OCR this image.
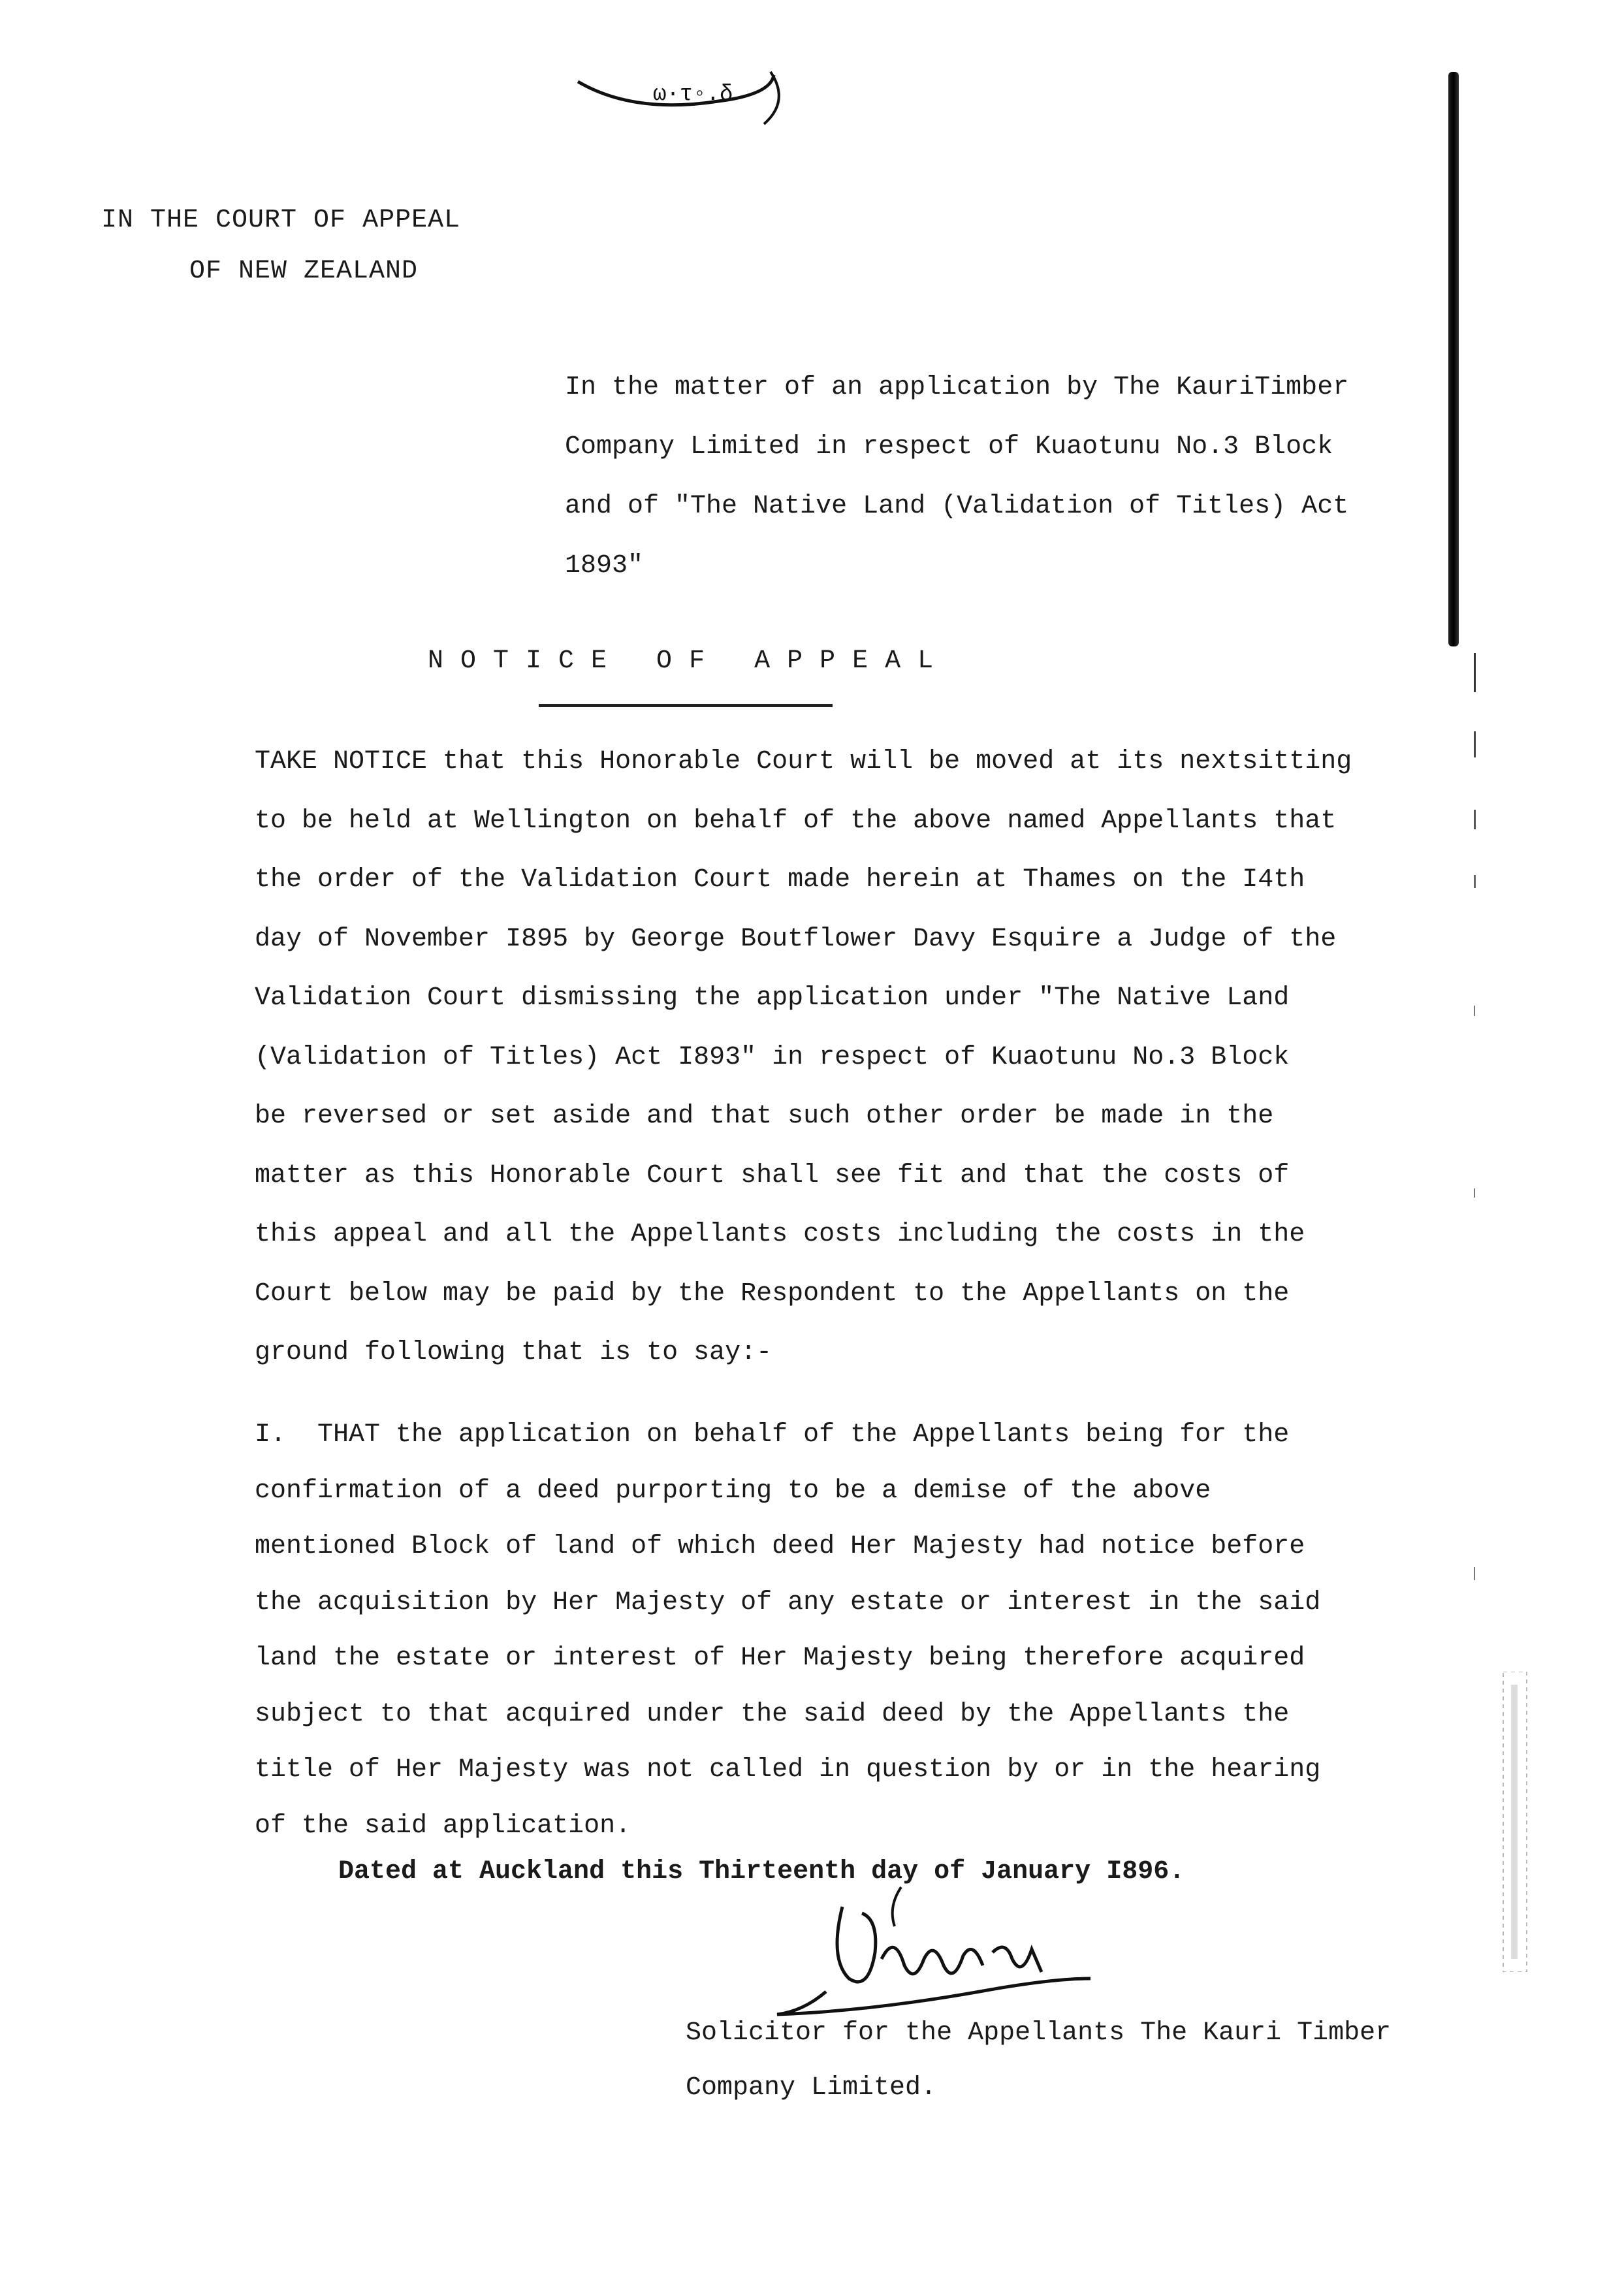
ω·τ◦.δ
IN THE COURT OF APPEAL
OF NEW ZEALAND
In the matter of an application by The KauriTimber
Company Limited in respect of Kuaotunu No.3 Block
and of "The Native Land (Validation of Titles) Act
1893"
N O T I C E   O F   A P P E A L
TAKE NOTICE that this Honorable Court will be moved at its nextsitting
to be held at Wellington on behalf of the above named Appellants that
the order of the Validation Court made herein at Thames on the I4th
day of November I895 by George Boutflower Davy Esquire a Judge of the
Validation Court dismissing the application under "The Native Land
(Validation of Titles) Act I893" in respect of Kuaotunu No.3 Block
be reversed or set aside and that such other order be made in the
matter as this Honorable Court shall see fit and that the costs of
this appeal and all the Appellants costs including the costs in the
Court below may be paid by the Respondent to the Appellants on the
ground following that is to say:-
I.  THAT the application on behalf of the Appellants being for the
confirmation of a deed purporting to be a demise of the above
mentioned Block of land of which deed Her Majesty had notice before
the acquisition by Her Majesty of any estate or interest in the said
land the estate or interest of Her Majesty being therefore acquired
subject to that acquired under the said deed by the Appellants the
title of Her Majesty was not called in question by or in the hearing
of the said application.
Dated at Auckland this Thirteenth day of January I896.
Solicitor for the Appellants The Kauri Timber
Company Limited.
